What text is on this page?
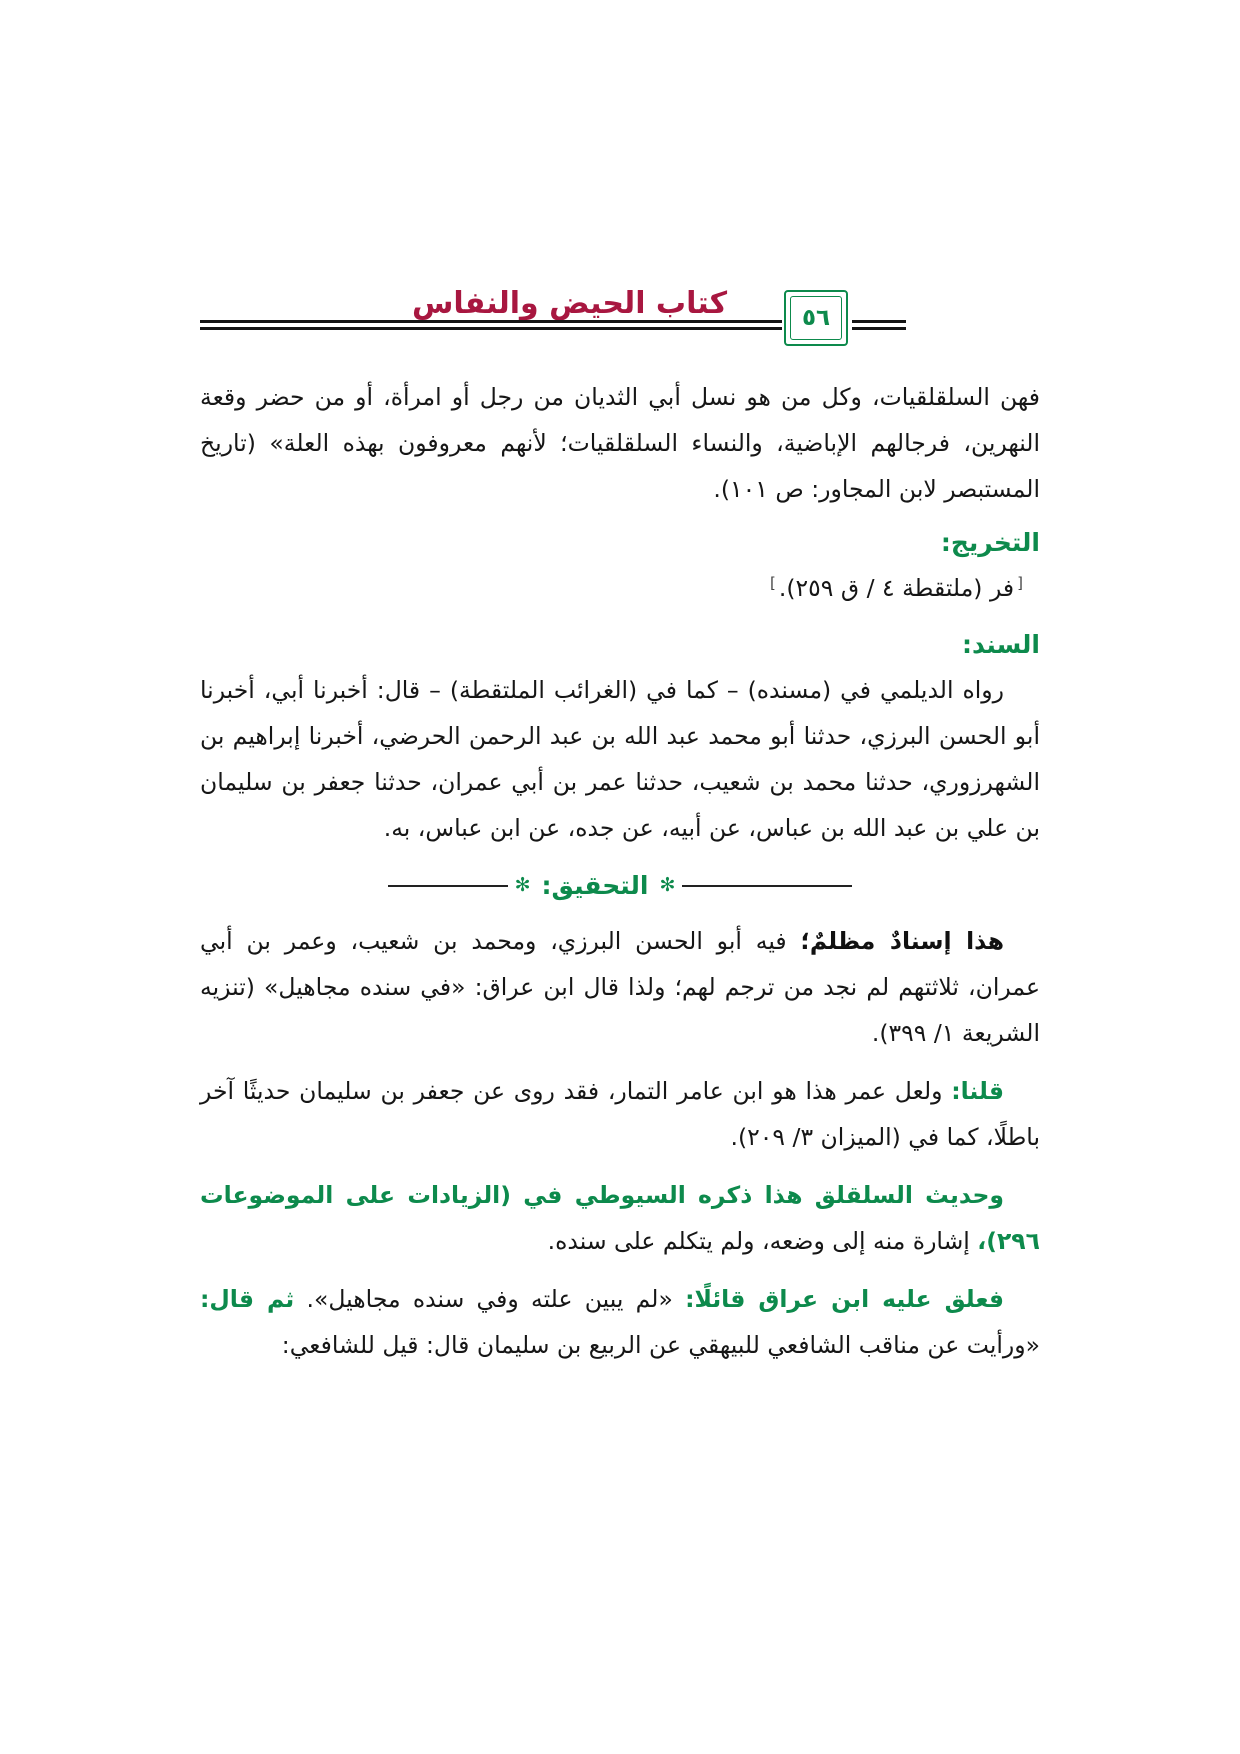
كتاب الحيض والنفاس	٥٦

فهن السلقلقيات، وكل من هو نسل أبي الثديان من رجل أو امرأة، أو من حضر وقعة النهرين، فرجالهم الإباضية، والنساء السلقلقيات؛ لأنهم معروفون بهذه العلة» (تاريخ المستبصر لابن المجاور: ص ١٠١).

التخريج:

[فر (ملتقطة ٤ / ق ٢٥٩).]

السند:

رواه الديلمي في (مسنده) – كما في (الغرائب الملتقطة) – قال: أخبرنا أبي، أخبرنا أبو الحسن البرزي، حدثنا أبو محمد عبد الله بن عبد الرحمن الحرضي، أخبرنا إبراهيم بن الشهرزوري، حدثنا محمد بن شعيب، حدثنا عمر بن أبي عمران، حدثنا جعفر بن سليمان بن علي بن عبد الله بن عباس، عن أبيه، عن جده، عن ابن عباس، به.

✻
التحقيق:
✻

هذا إسنادٌ مظلمٌ؛ فيه أبو الحسن البرزي، ومحمد بن شعيب، وعمر بن أبي عمران، ثلاثتهم لم نجد من ترجم لهم؛ ولذا قال ابن عراق: «في سنده مجاهيل» (تنزيه الشريعة ١/ ٣٩٩).

قلنا: ولعل عمر هذا هو ابن عامر التمار، فقد روى عن جعفر بن سليمان حديثًا آخر باطلًا، كما في (الميزان ٣/ ٢٠٩).

وحديث السلقلق هذا ذكره السيوطي في (الزيادات على الموضوعات ٢٩٦)، إشارة منه إلى وضعه، ولم يتكلم على سنده.

فعلق عليه ابن عراق قائلًا: «لم يبين علته وفي سنده مجاهيل». ثم قال: «ورأيت عن مناقب الشافعي للبيهقي عن الربيع بن سليمان قال: قيل للشافعي:
